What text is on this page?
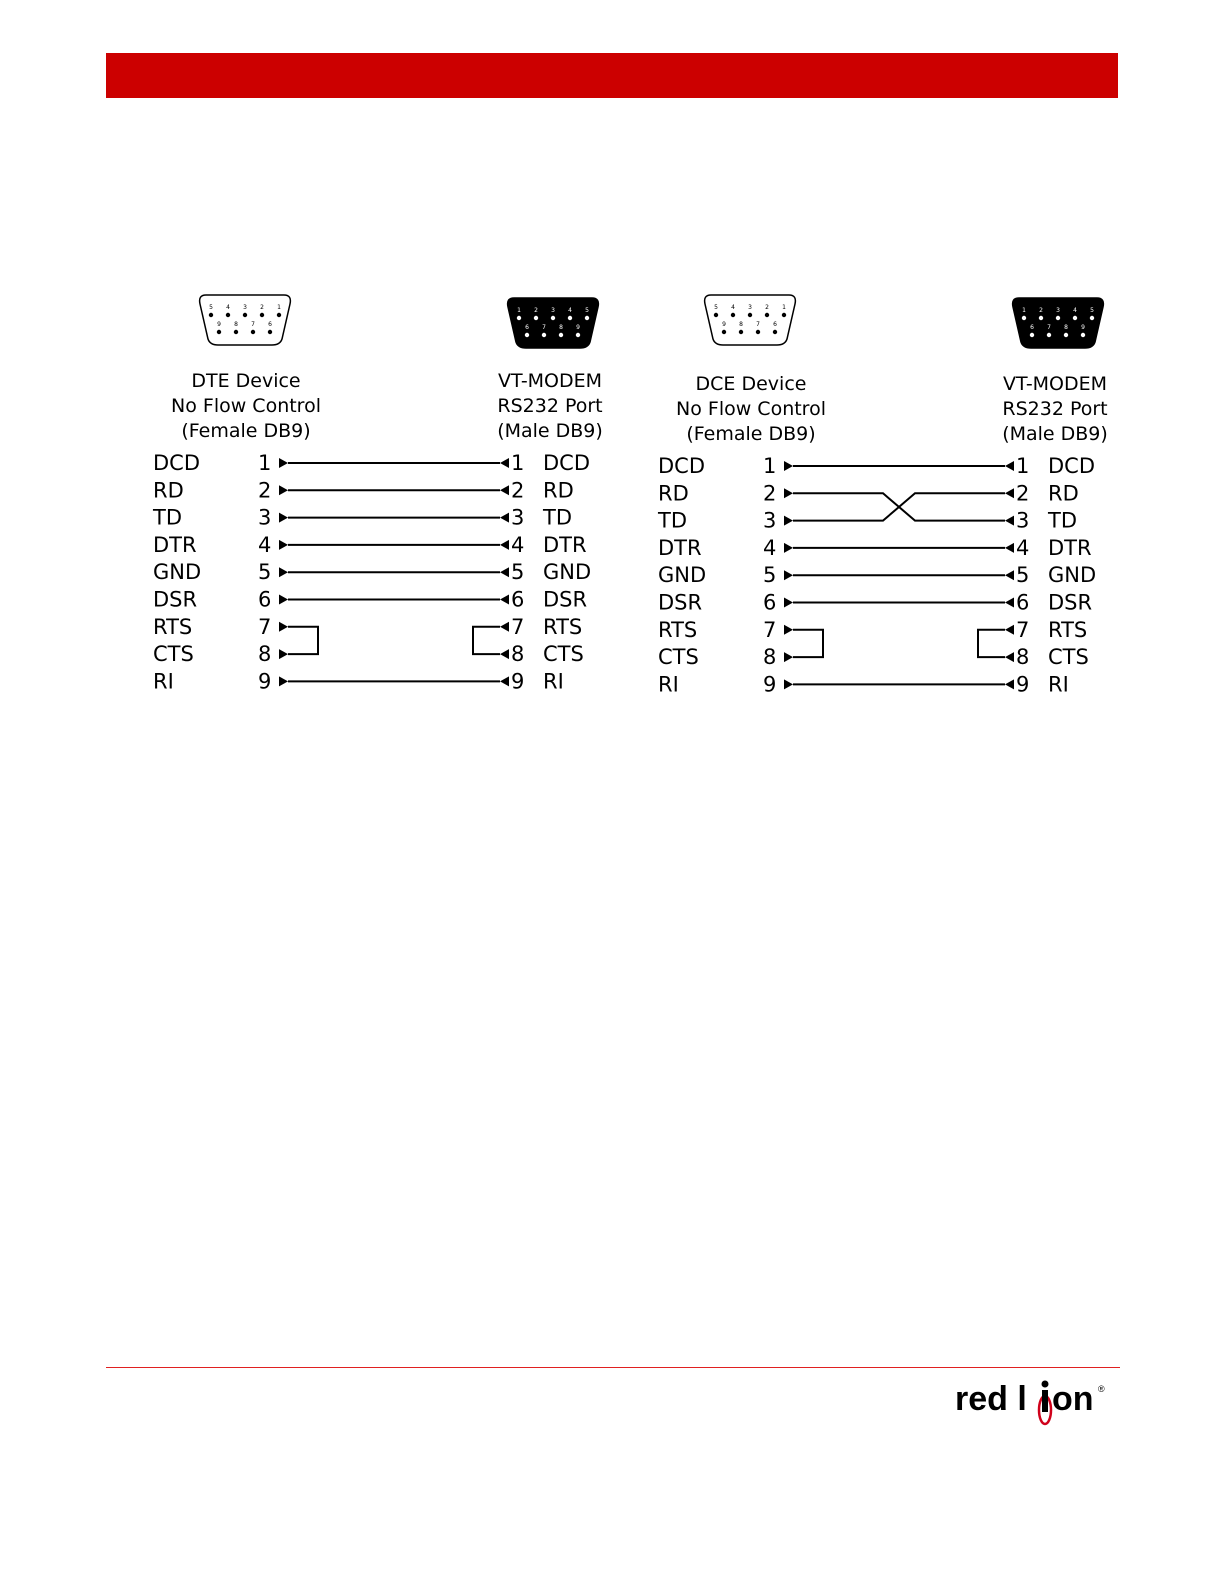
5 4 3 2 1
9 8 7 6
1 2 3 4 5
6 7 8 9
DTE Device
No Flow Control
(Female DB9)
VT-MODEM
RS232 Port
(Male DB9)
DCD	1	1 DCD
RD	2	2 RD
TD	3	3 TD
DTR	4	4 DTR
GND	5	5 GND
DSR	6	6 DSR
RTS	7	7 RTS
CTS	8	8 CTS
RI	9	9 RI
5 4 3 2 1
9 8 7 6
1 2 3 4 5
6 7 8 9
DCE Device
No Flow Control
(Female DB9)
VT-MODEM
RS232 Port
(Male DB9)
DCD	1	1 DCD
RD	2	2 RD
TD	3	3 TD
DTR	4	4 DTR
GND	5	5 GND
DSR	6	6 DSR
RTS	7	7 RTS
CTS	8	8 CTS
RI	9	9 RI
red l on ®
